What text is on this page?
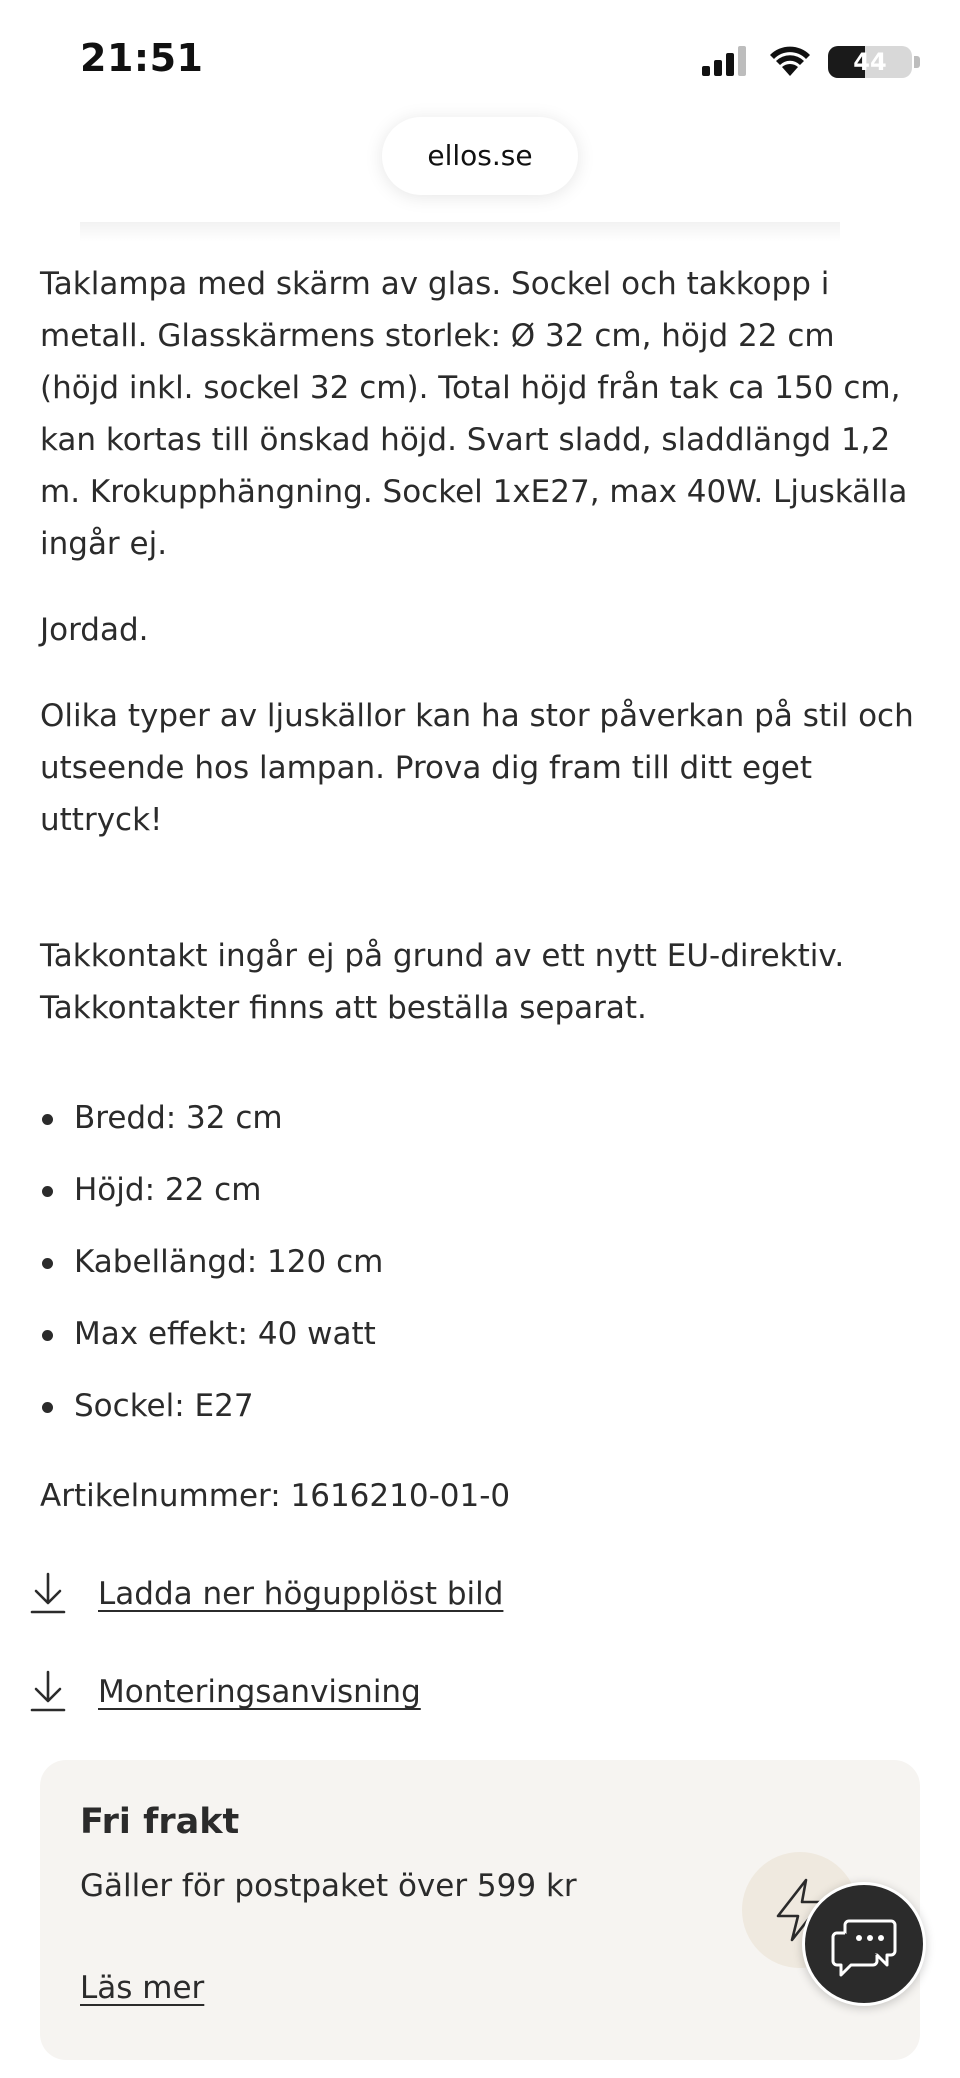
21:51	44
ellos.se

Taklampa med skärm av glas. Sockel och takkopp i metall. Glasskärmens storlek: Ø 32 cm, höjd 22 cm (höjd inkl. sockel 32 cm). Total höjd från tak ca 150 cm, kan kortas till önskad höjd. Svart sladd, sladdlängd 1,2 m. Krokupphängning. Sockel 1xE27, max 40W. Ljuskälla ingår ej.

Jordad.

Olika typer av ljuskällor kan ha stor påverkan på stil och utseende hos lampan. Prova dig fram till ditt eget uttryck!

Takkontakt ingår ej på grund av ett nytt EU-direktiv. Takkontakter finns att beställa separat.

Bredd: 32 cm
Höjd: 22 cm
Kabellängd: 120 cm
Max effekt: 40 watt
Sockel: E27
Artikelnummer: 1616210-01-0
Ladda ner högupplöst bild
Monteringsanvisning
Fri frakt
Gäller för postpaket över 599 kr
Läs mer
